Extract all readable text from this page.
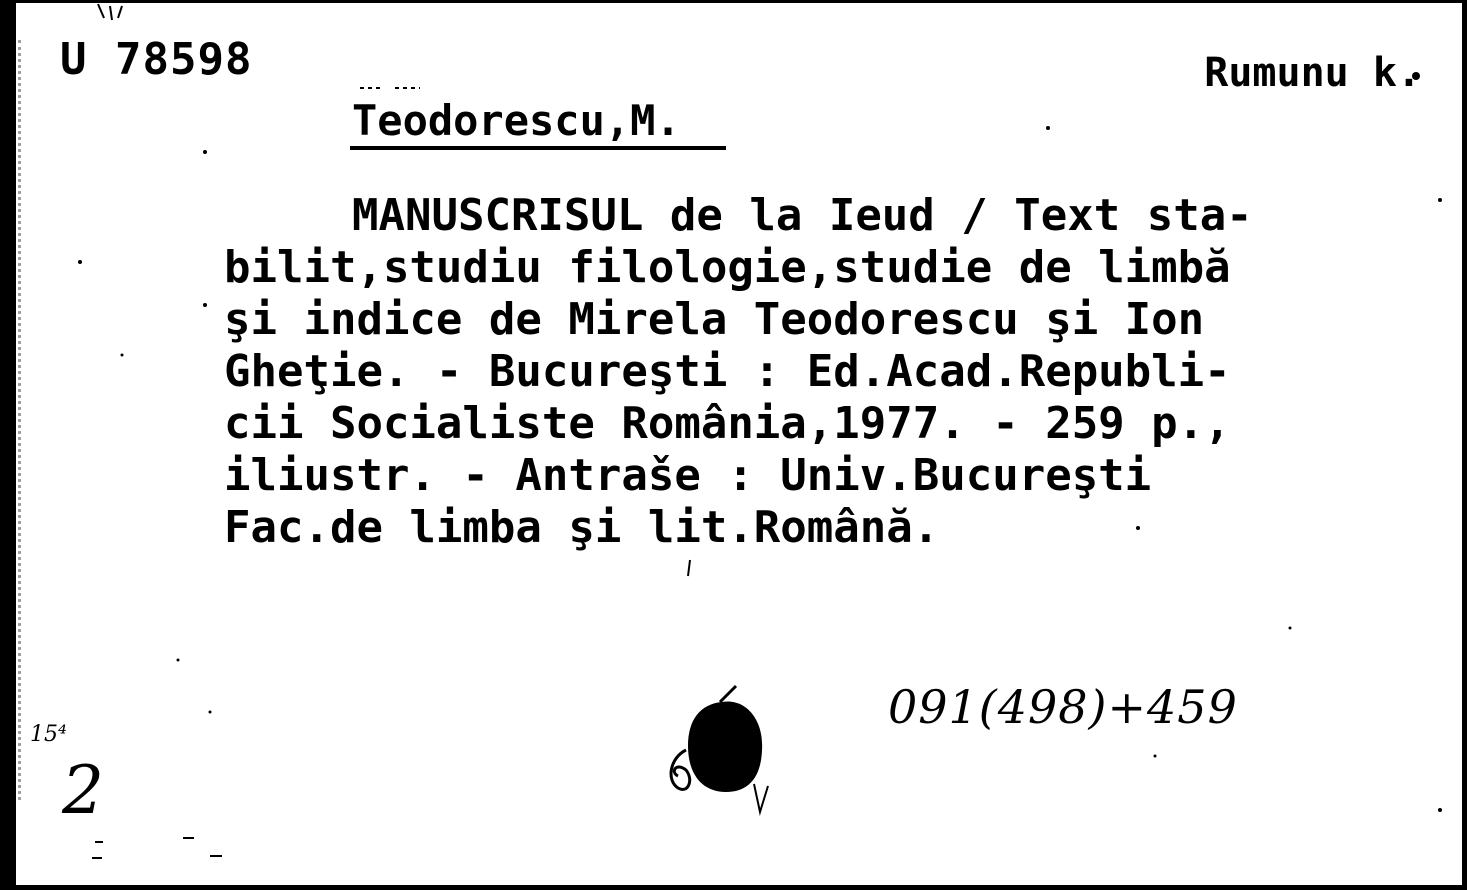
U 78598	Rumunu k.
Teodorescu,M.
MANUSCRISUL de la Ieud / Text sta-
bilit,studiu filologie,studie de limbă
şi indice de Mirela Teodorescu şi Ion
Gheţie. - Bucureşti : Ed.Acad.Republi-
cii Socialiste România,1977. - 259 p.,
iliustr. - Antraše : Univ.Bucureşti
Fac.de limba şi lit.Română.
091(498)+459
15⁴
2
